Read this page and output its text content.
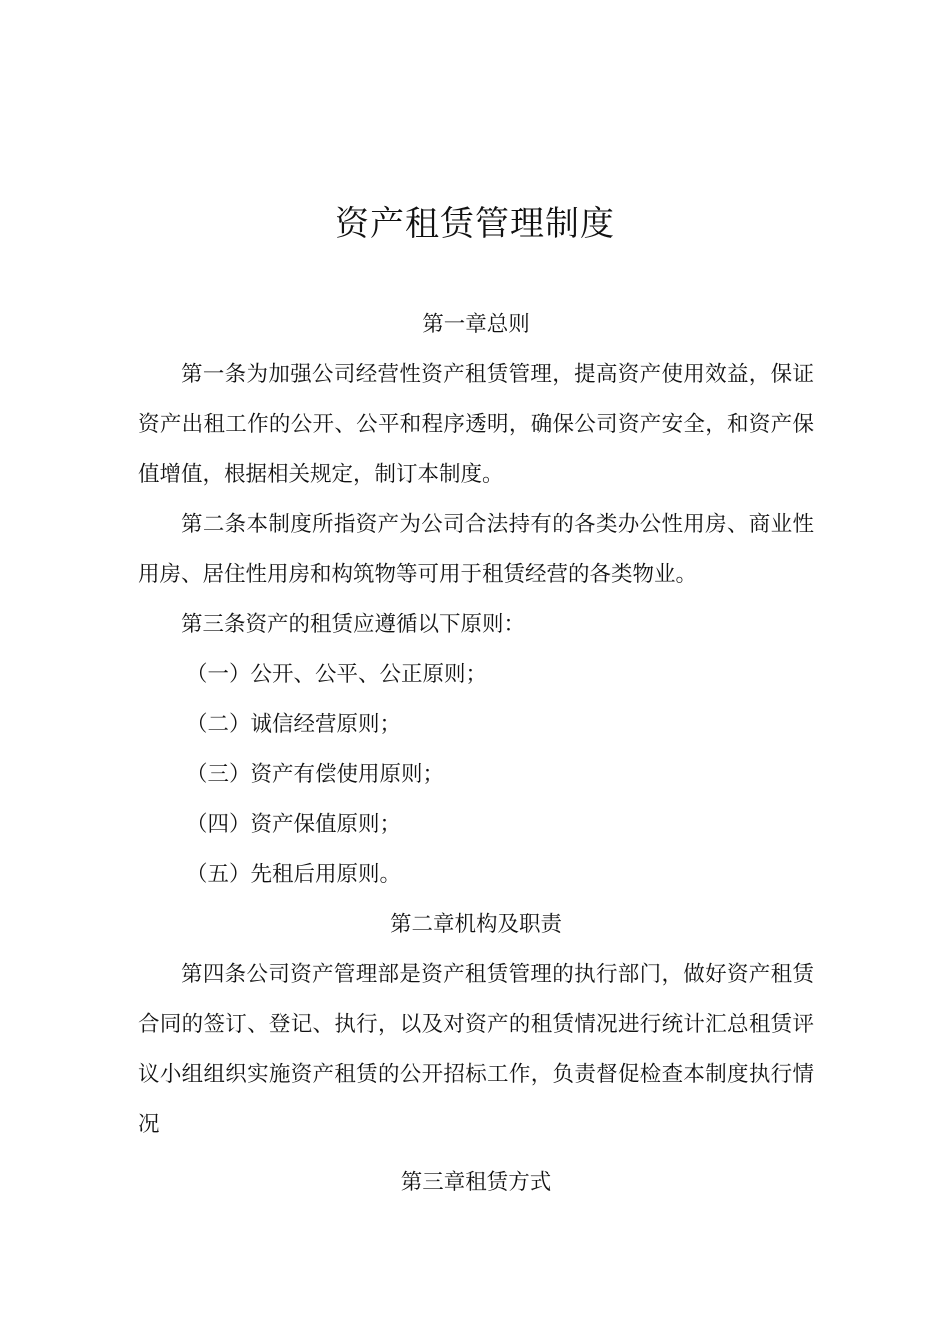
资产租赁管理制度

第一章总则

第一条为加强公司经营性资产租赁管理，提高资产使用效益，保证资产出租工作的公开、公平和程序透明，确保公司资产安全，和资产保值增值，根据相关规定，制订本制度。

第二条本制度所指资产为公司合法持有的各类办公性用房、商业性用房、居住性用房和构筑物等可用于租赁经营的各类物业。

第三条资产的租赁应遵循以下原则：

（一）公开、公平、公正原则；

（二）诚信经营原则；

（三）资产有偿使用原则；

（四）资产保值原则；

（五）先租后用原则。

第二章机构及职责

第四条公司资产管理部是资产租赁管理的执行部门，做好资产租赁合同的签订、登记、执行，以及对资产的租赁情况进行统计汇总租赁评议小组组织实施资产租赁的公开招标工作，负责督促检查本制度执行情况

第三章租赁方式
